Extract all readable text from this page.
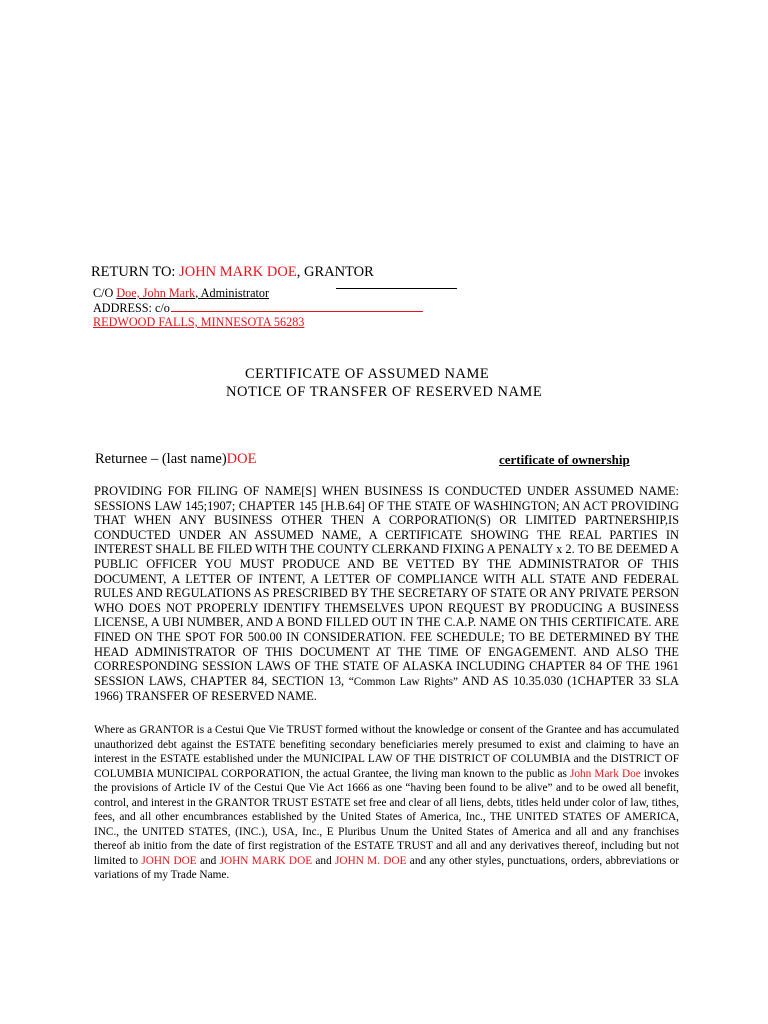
RETURN TO: JOHN MARK DOE, GRANTOR
C/O Doe, John Mark, Administrator
ADDRESS: c/o
REDWOOD FALLS, MINNESOTA 56283
CERTIFICATE OF ASSUMED NAME
NOTICE OF TRANSFER OF RESERVED NAME
Returnee – (last name)DOE	certificate of ownership
PROVIDING FOR FILING OF NAME[S] WHEN BUSINESS IS CONDUCTED UNDER ASSUMED NAME: SESSIONS LAW 145;1907; CHAPTER 145 [H.B.64] OF THE STATE OF WASHINGTON; AN ACT PROVIDING THAT WHEN ANY BUSINESS OTHER THEN A CORPORATION(S) OR LIMITED PARTNERSHIP,IS CONDUCTED UNDER AN ASSUMED NAME, A CERTIFICATE SHOWING THE REAL PARTIES IN INTEREST SHALL BE FILED WITH THE COUNTY CLERKAND FIXING A PENALTY x 2. TO BE DEEMED A PUBLIC OFFICER YOU MUST PRODUCE AND BE VETTED BY THE ADMINISTRATOR OF THIS DOCUMENT, A LETTER OF INTENT, A LETTER OF COMPLIANCE WITH ALL STATE AND FEDERAL RULES AND REGULATIONS AS PRESCRIBED BY THE SECRETARY OF STATE OR ANY PRIVATE PERSON WHO DOES NOT PROPERLY IDENTIFY THEMSELVES UPON REQUEST BY PRODUCING A BUSINESS LICENSE, A UBI NUMBER, AND A BOND FILLED OUT IN THE C.A.P. NAME ON THIS CERTIFICATE. ARE FINED ON THE SPOT FOR 500.00 IN CONSIDERATION. FEE SCHEDULE; TO BE DETERMINED BY THE HEAD ADMINISTRATOR OF THIS DOCUMENT AT THE TIME OF ENGAGEMENT. AND ALSO THE CORRESPONDING SESSION LAWS OF THE STATE OF ALASKA INCLUDING CHAPTER 84 OF THE 1961 SESSION LAWS, CHAPTER 84, SECTION 13, “Common Law Rights” AND AS 10.35.030 (1CHAPTER 33 SLA 1966) TRANSFER OF RESERVED NAME.
Where as GRANTOR is a Cestui Que Vie TRUST formed without the knowledge or consent of the Grantee and has accumulated unauthorized debt against the ESTATE benefiting secondary beneficiaries merely presumed to exist and claiming to have an interest in the ESTATE established under the MUNICIPAL LAW OF THE DISTRICT OF COLUMBIA and the DISTRICT OF COLUMBIA MUNICIPAL CORPORATION, the actual Grantee, the living man known to the public as John Mark Doe invokes the provisions of Article IV of the Cestui Que Vie Act 1666 as one “having been found to be alive” and to be owed all benefit, control, and interest in the GRANTOR TRUST ESTATE set free and clear of all liens, debts, titles held under color of law, tithes, fees, and all other encumbrances established by the United States of America, Inc., THE UNITED STATES OF AMERICA, INC., the UNITED STATES, (INC.), USA, Inc., E Pluribus Unum the United States of America and all and any franchises thereof ab initio from the date of first registration of the ESTATE TRUST and all and any derivatives thereof, including but not limited to JOHN DOE and JOHN MARK DOE and JOHN M. DOE and any other styles, punctuations, orders, abbreviations or variations of my Trade Name.
